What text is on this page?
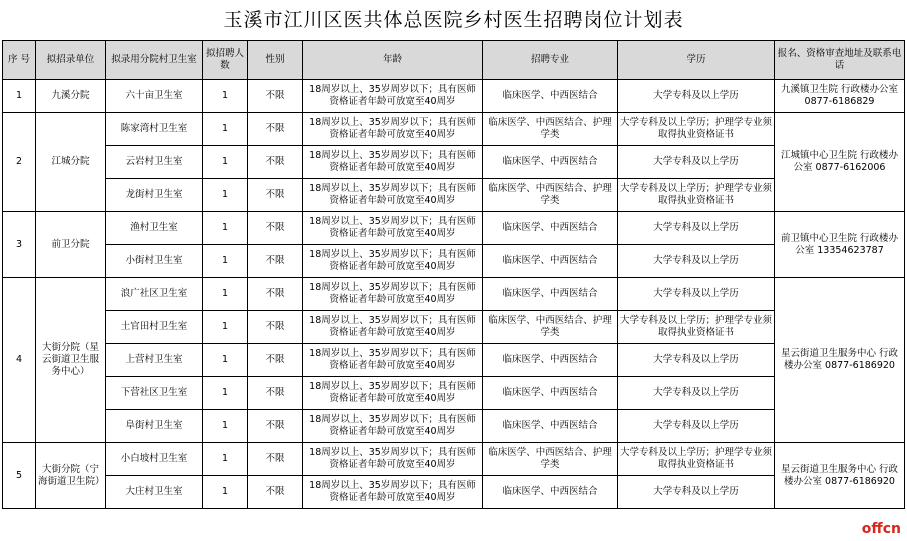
玉溪市江川区医共体总医院乡村医生招聘岗位计划表
序 号	拟招录单位	拟录用分院村卫生室	拟招聘人数	性别	年龄	招聘专业	学历	报名、资格审查地址及联系电话
1	九溪分院	六十亩卫生室	1	不限	18周岁以上、35岁周岁以下；具有医师资格证者年龄可放宽至40周岁	临床医学、中西医结合	大学专科及以上学历	九溪镇卫生院 行政楼办公室 0877-6186829
2	江城分院	陈家湾村卫生室	1	不限	18周岁以上、35岁周岁以下；具有医师资格证者年龄可放宽至40周岁	临床医学、中西医结合、护理学类	大学专科及以上学历；护理学专业须取得执业资格证书	江城镇中心卫生院 行政楼办公室 0877-6162006
		云岩村卫生室	1	不限	18周岁以上、35岁周岁以下；具有医师资格证者年龄可放宽至40周岁	临床医学、中西医结合	大学专科及以上学历	
		龙街村卫生室	1	不限	18周岁以上、35岁周岁以下；具有医师资格证者年龄可放宽至40周岁	临床医学、中西医结合、护理学类	大学专科及以上学历；护理学专业须取得执业资格证书	
3	前卫分院	渔村卫生室	1	不限	18周岁以上、35岁周岁以下；具有医师资格证者年龄可放宽至40周岁	临床医学、中西医结合	大学专科及以上学历	前卫镇中心卫生院 行政楼办公室 13354623787
		小街村卫生室	1	不限	18周岁以上、35岁周岁以下；具有医师资格证者年龄可放宽至40周岁	临床医学、中西医结合	大学专科及以上学历	
4	大街分院（星云街道卫生服务中心）	浪广社区卫生室	1	不限	18周岁以上、35岁周岁以下；具有医师资格证者年龄可放宽至40周岁	临床医学、中西医结合	大学专科及以上学历	星云街道卫生服务中心 行政楼办公室 0877-6186920
		土官田村卫生室	1	不限	18周岁以上、35岁周岁以下；具有医师资格证者年龄可放宽至40周岁	临床医学、中西医结合、护理学类	大学专科及以上学历；护理学专业须取得执业资格证书	
		上营村卫生室	1	不限	18周岁以上、35岁周岁以下；具有医师资格证者年龄可放宽至40周岁	临床医学、中西医结合	大学专科及以上学历	
		下营社区卫生室	1	不限	18周岁以上、35岁周岁以下；具有医师资格证者年龄可放宽至40周岁	临床医学、中西医结合	大学专科及以上学历	
		阜街村卫生室	1	不限	18周岁以上、35岁周岁以下；具有医师资格证者年龄可放宽至40周岁	临床医学、中西医结合	大学专科及以上学历	
5	大街分院（宁海街道卫生院）	小白坡村卫生室	1	不限	18周岁以上、35岁周岁以下；具有医师资格证者年龄可放宽至40周岁	临床医学、中西医结合、护理学类	大学专科及以上学历；护理学专业须取得执业资格证书	星云街道卫生服务中心 行政楼办公室 0877-6186920
		大庄村卫生室	1	不限	18周岁以上、35岁周岁以下；具有医师资格证者年龄可放宽至40周岁	临床医学、中西医结合	大学专科及以上学历	
offcn
